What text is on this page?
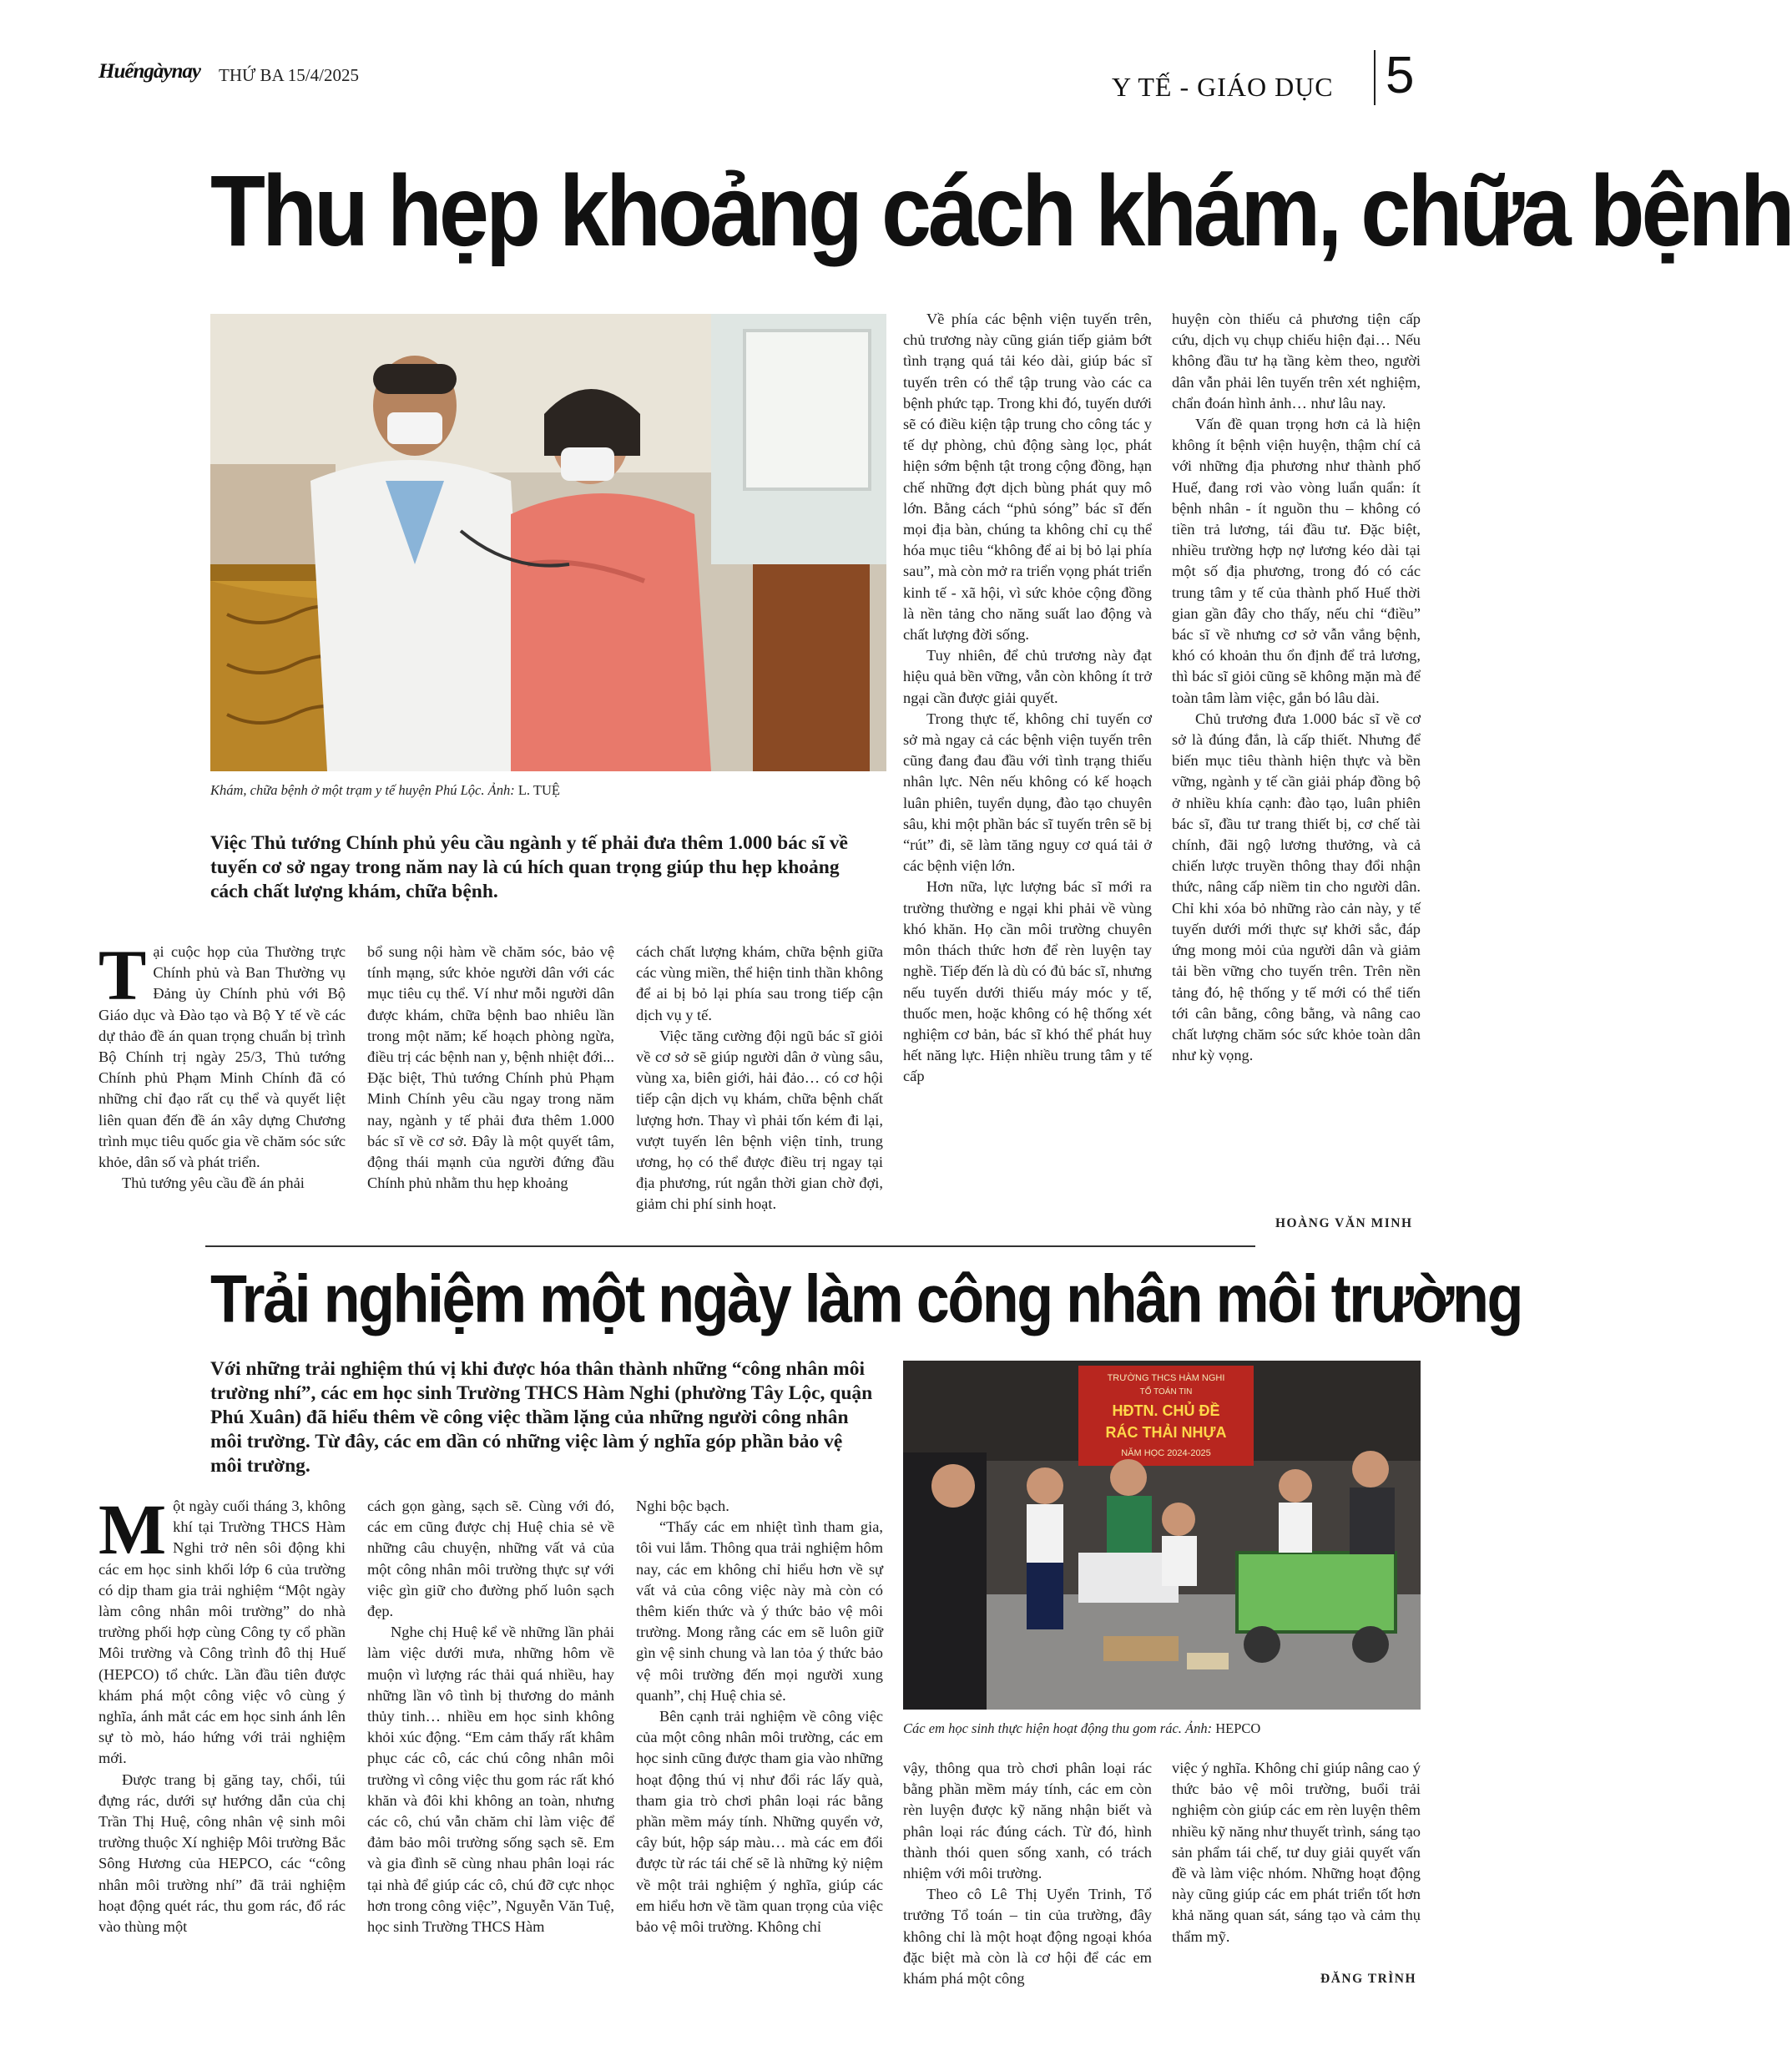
Huếngàynay THỨ BA 15/4/2025	Y TẾ - GIÁO DỤC 5
Thu hẹp khoảng cách khám, chữa bệnh
Khám, chữa bệnh ở một trạm y tế huyện Phú Lộc. Ảnh: L. TUỆ
Việc Thủ tướng Chính phủ yêu cầu ngành y tế phải đưa thêm 1.000 bác sĩ về tuyến cơ sở ngay trong năm nay là cú hích quan trọng giúp thu hẹp khoảng cách chất lượng khám, chữa bệnh.

Tại cuộc họp của Thường trực Chính phủ và Ban Thường vụ Đảng ủy Chính phủ với Bộ Giáo dục và Đào tạo và Bộ Y tế về các dự thảo đề án quan trọng chuẩn bị trình Bộ Chính trị ngày 25/3, Thủ tướng Chính phủ Phạm Minh Chính đã có những chỉ đạo rất cụ thể và quyết liệt liên quan đến đề án xây dựng Chương trình mục tiêu quốc gia về chăm sóc sức khỏe, dân số và phát triển.

Thủ tướng yêu cầu đề án phải

bổ sung nội hàm về chăm sóc, bảo vệ tính mạng, sức khỏe người dân với các mục tiêu cụ thể. Ví như mỗi người dân được khám, chữa bệnh bao nhiêu lần trong một năm; kế hoạch phòng ngừa, điều trị các bệnh nan y, bệnh nhiệt đới... Đặc biệt, Thủ tướng Chính phủ Phạm Minh Chính yêu cầu ngay trong năm nay, ngành y tế phải đưa thêm 1.000 bác sĩ về cơ sở. Đây là một quyết tâm, động thái mạnh của người đứng đầu Chính phủ nhằm thu hẹp khoảng

cách chất lượng khám, chữa bệnh giữa các vùng miền, thể hiện tinh thần không để ai bị bỏ lại phía sau trong tiếp cận dịch vụ y tế.

Việc tăng cường đội ngũ bác sĩ giỏi về cơ sở sẽ giúp người dân ở vùng sâu, vùng xa, biên giới, hải đảo… có cơ hội tiếp cận dịch vụ khám, chữa bệnh chất lượng hơn. Thay vì phải tốn kém đi lại, vượt tuyến lên bệnh viện tỉnh, trung ương, họ có thể được điều trị ngay tại địa phương, rút ngắn thời gian chờ đợi, giảm chi phí sinh hoạt.

Về phía các bệnh viện tuyến trên, chủ trương này cũng gián tiếp giảm bớt tình trạng quá tải kéo dài, giúp bác sĩ tuyến trên có thể tập trung vào các ca bệnh phức tạp. Trong khi đó, tuyến dưới sẽ có điều kiện tập trung cho công tác y tế dự phòng, chủ động sàng lọc, phát hiện sớm bệnh tật trong cộng đồng, hạn chế những đợt dịch bùng phát quy mô lớn. Bằng cách “phủ sóng” bác sĩ đến mọi địa bàn, chúng ta không chỉ cụ thể hóa mục tiêu “không để ai bị bỏ lại phía sau”, mà còn mở ra triển vọng phát triển kinh tế - xã hội, vì sức khỏe cộng đồng là nền tảng cho năng suất lao động và chất lượng đời sống.

Tuy nhiên, để chủ trương này đạt hiệu quả bền vững, vẫn còn không ít trở ngại cần được giải quyết.

Trong thực tế, không chỉ tuyến cơ sở mà ngay cả các bệnh viện tuyến trên cũng đang đau đầu với tình trạng thiếu nhân lực. Nên nếu không có kế hoạch luân phiên, tuyển dụng, đào tạo chuyên sâu, khi một phần bác sĩ tuyến trên sẽ bị “rút” đi, sẽ làm tăng nguy cơ quá tải ở các bệnh viện lớn.

Hơn nữa, lực lượng bác sĩ mới ra trường thường e ngại khi phải về vùng khó khăn. Họ cần môi trường chuyên môn thách thức hơn để rèn luyện tay nghề. Tiếp đến là dù có đủ bác sĩ, nhưng nếu tuyến dưới thiếu máy móc y tế, thuốc men, hoặc không có hệ thống xét nghiệm cơ bản, bác sĩ khó thể phát huy hết năng lực. Hiện nhiều trung tâm y tế cấp

huyện còn thiếu cả phương tiện cấp cứu, dịch vụ chụp chiếu hiện đại… Nếu không đầu tư hạ tầng kèm theo, người dân vẫn phải lên tuyến trên xét nghiệm, chẩn đoán hình ảnh… như lâu nay.

Vấn đề quan trọng hơn cả là hiện không ít bệnh viện huyện, thậm chí cả với những địa phương như thành phố Huế, đang rơi vào vòng luẩn quẩn: ít bệnh nhân - ít nguồn thu – không có tiền trả lương, tái đầu tư. Đặc biệt, nhiều trường hợp nợ lương kéo dài tại một số địa phương, trong đó có các trung tâm y tế của thành phố Huế thời gian gần đây cho thấy, nếu chỉ “điều” bác sĩ về nhưng cơ sở vẫn vắng bệnh, khó có khoản thu ổn định để trả lương, thì bác sĩ giỏi cũng sẽ không mặn mà để toàn tâm làm việc, gắn bó lâu dài.

Chủ trương đưa 1.000 bác sĩ về cơ sở là đúng đắn, là cấp thiết. Nhưng để biến mục tiêu thành hiện thực và bền vững, ngành y tế cần giải pháp đồng bộ ở nhiều khía cạnh: đào tạo, luân phiên bác sĩ, đầu tư trang thiết bị, cơ chế tài chính, đãi ngộ lương thưởng, và cả chiến lược truyền thông thay đổi nhận thức, nâng cấp niềm tin cho người dân. Chỉ khi xóa bỏ những rào cản này, y tế tuyến dưới mới thực sự khởi sắc, đáp ứng mong mỏi của người dân và giảm tải bền vững cho tuyến trên. Trên nền tảng đó, hệ thống y tế mới có thể tiến tới cân bằng, công bằng, và nâng cao chất lượng chăm sóc sức khỏe toàn dân như kỳ vọng.

HOÀNG VĂN MINH
Trải nghiệm một ngày làm công nhân môi trường
Với những trải nghiệm thú vị khi được hóa thân thành những “công nhân môi trường nhí”, các em học sinh Trường THCS Hàm Nghi (phường Tây Lộc, quận Phú Xuân) đã hiểu thêm về công việc thầm lặng của những người công nhân môi trường. Từ đây, các em dần có những việc làm ý nghĩa góp phần bảo vệ môi trường.
TRƯỜNG THCS HÀM NGHI
TỔ TOÁN TIN
HĐTN. CHỦ ĐỀ
RÁC THẢI NHỰA
NĂM HỌC 2024-2025
Các em học sinh thực hiện hoạt động thu gom rác. Ảnh: HEPCO

Một ngày cuối tháng 3, không khí tại Trường THCS Hàm Nghi trở nên sôi động khi các em học sinh khối lớp 6 của trường có dịp tham gia trải nghiệm “Một ngày làm công nhân môi trường” do nhà trường phối hợp cùng Công ty cổ phần Môi trường và Công trình đô thị Huế (HEPCO) tổ chức. Lần đầu tiên được khám phá một công việc vô cùng ý nghĩa, ánh mắt các em học sinh ánh lên sự tò mò, háo hứng với trải nghiệm mới.

Được trang bị găng tay, chổi, túi đựng rác, dưới sự hướng dẫn của chị Trần Thị Huệ, công nhân vệ sinh môi trường thuộc Xí nghiệp Môi trường Bắc Sông Hương của HEPCO, các “công nhân môi trường nhí” đã trải nghiệm hoạt động quét rác, thu gom rác, đổ rác vào thùng một

cách gọn gàng, sạch sẽ. Cùng với đó, các em cũng được chị Huệ chia sẻ về những câu chuyện, những vất vả của một công nhân môi trường thực sự với việc gìn giữ cho đường phố luôn sạch đẹp.

Nghe chị Huệ kể về những lần phải làm việc dưới mưa, những hôm về muộn vì lượng rác thải quá nhiều, hay những lần vô tình bị thương do mảnh thủy tinh… nhiều em học sinh không khỏi xúc động. “Em cảm thấy rất khâm phục các cô, các chú công nhân môi trường vì công việc thu gom rác rất khó khăn và đôi khi không an toàn, nhưng các cô, chú vẫn chăm chỉ làm việc để đảm bảo môi trường sống sạch sẽ. Em và gia đình sẽ cùng nhau phân loại rác tại nhà để giúp các cô, chú đỡ cực nhọc hơn trong công việc”, Nguyễn Văn Tuệ, học sinh Trường THCS Hàm

Nghi bộc bạch.

“Thấy các em nhiệt tình tham gia, tôi vui lắm. Thông qua trải nghiệm hôm nay, các em không chỉ hiểu hơn về sự vất vả của công việc này mà còn có thêm kiến thức và ý thức bảo vệ môi trường. Mong rằng các em sẽ luôn giữ gìn vệ sinh chung và lan tỏa ý thức bảo vệ môi trường đến mọi người xung quanh”, chị Huệ chia sẻ.

Bên cạnh trải nghiệm về công việc của một công nhân môi trường, các em học sinh cũng được tham gia vào những hoạt động thú vị như đổi rác lấy quà, tham gia trò chơi phân loại rác bằng phần mềm máy tính. Những quyển vở, cây bút, hộp sáp màu… mà các em đổi được từ rác tái chế sẽ là những kỷ niệm về một trải nghiệm ý nghĩa, giúp các em hiểu hơn về tầm quan trọng của việc bảo vệ môi trường. Không chỉ

vậy, thông qua trò chơi phân loại rác bằng phần mềm máy tính, các em còn rèn luyện được kỹ năng nhận biết và phân loại rác đúng cách. Từ đó, hình thành thói quen sống xanh, có trách nhiệm với môi trường.

Theo cô Lê Thị Uyển Trinh, Tổ trưởng Tổ toán – tin của trường, đây không chỉ là một hoạt động ngoại khóa đặc biệt mà còn là cơ hội để các em khám phá một công

việc ý nghĩa. Không chỉ giúp nâng cao ý thức bảo vệ môi trường, buổi trải nghiệm còn giúp các em rèn luyện thêm nhiều kỹ năng như thuyết trình, sáng tạo sản phẩm tái chế, tư duy giải quyết vấn đề và làm việc nhóm. Những hoạt động này cũng giúp các em phát triển tốt hơn khả năng quan sát, sáng tạo và cảm thụ thẩm mỹ.

ĐĂNG TRÌNH
